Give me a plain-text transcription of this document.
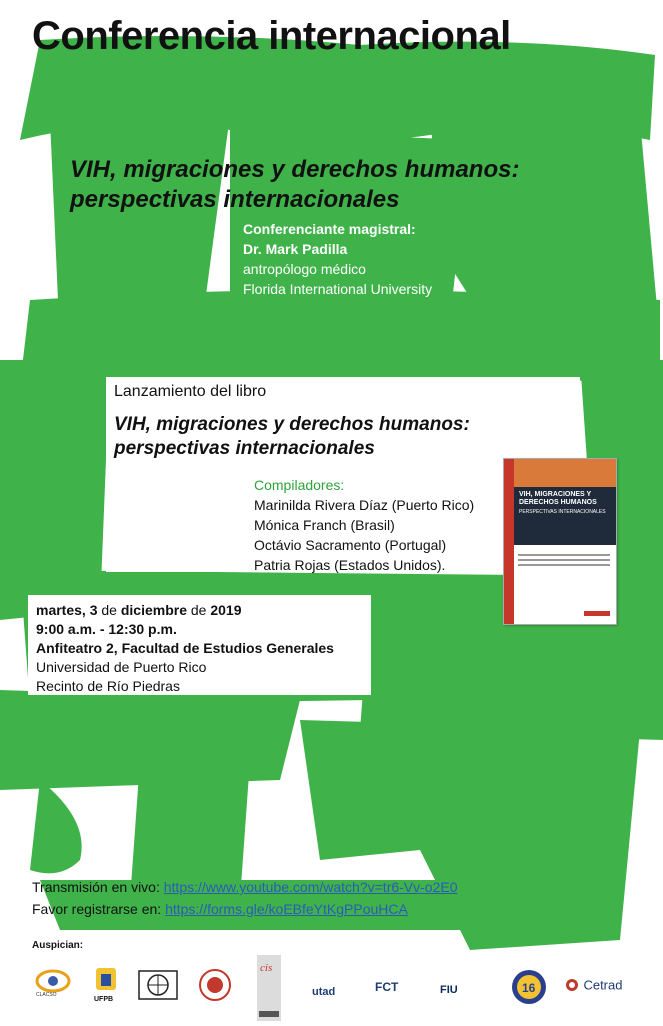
Conferencia internacional
VIH, migraciones y derechos humanos:
perspectivas internacionales
Conferenciante magistral:
Dr. Mark Padilla
antropólogo médico
Florida International University
Lanzamiento del libro
VIH, migraciones y derechos humanos:
perspectivas internacionales
Compiladores:
Marinilda Rivera Díaz (Puerto Rico)
Mónica Franch (Brasil)
Octávio Sacramento (Portugal)
Patria Rojas (Estados Unidos).
VIH, MIGRACIONES Y DERECHOS HUMANOS
PERSPECTIVAS INTERNACIONALES
martes, 3 de diciembre de 2019
9:00 a.m. - 12:30 p.m.
Anfiteatro 2, Facultad de Estudios Generales
Universidad de Puerto Rico
Recinto de Río Piedras
Transmisión en vivo: https://www.youtube.com/watch?v=tr6-Vv-o2E0
Favor registrarse en: https://forms.gle/koEBfeYtKgPPouHCA
Auspician:
CLACSO
UFPB
cis
utad	FCT	FIU	16	Cetrad
